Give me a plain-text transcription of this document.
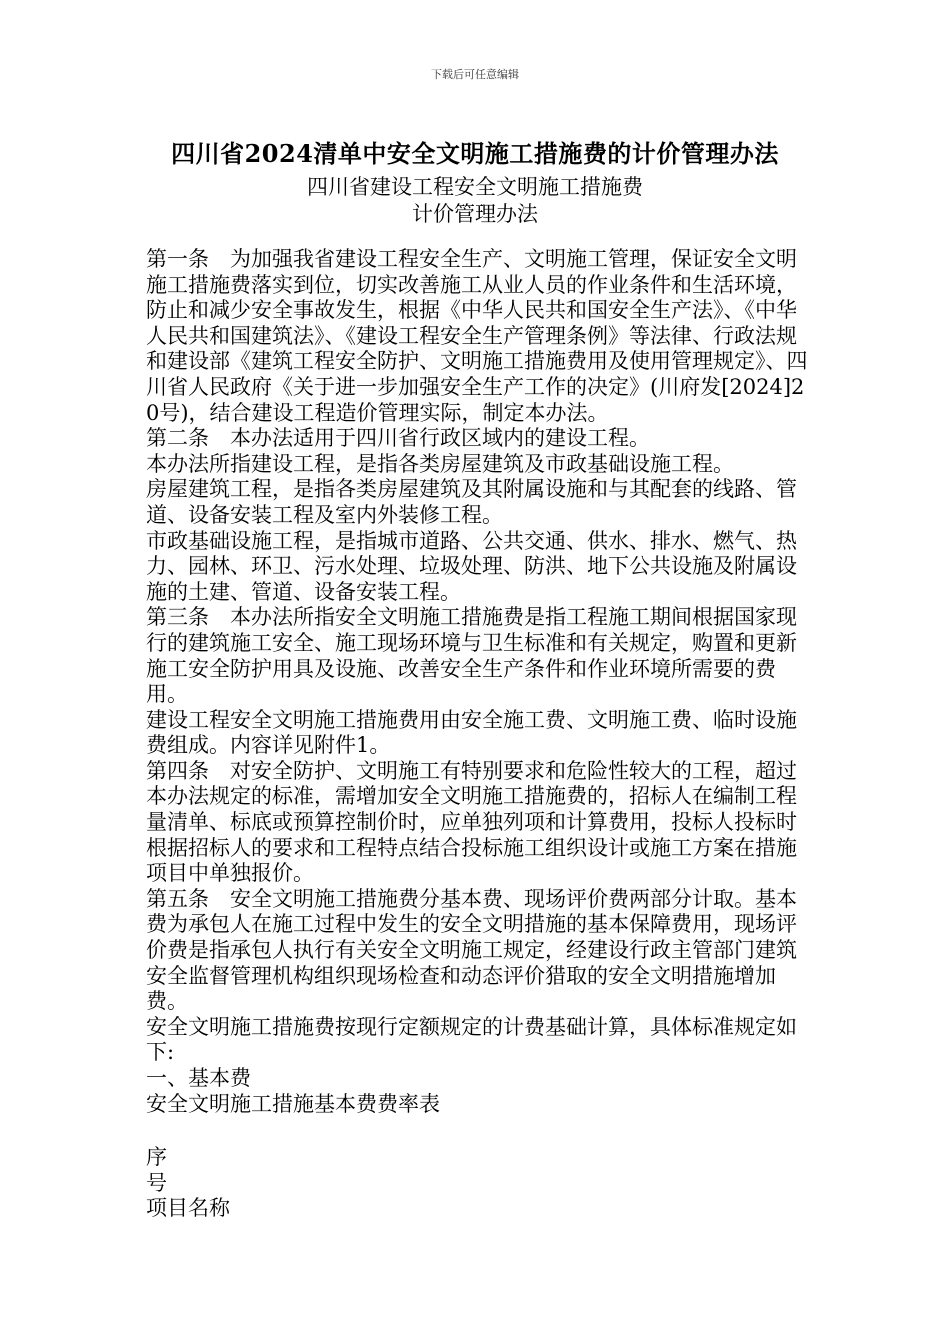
下载后可任意编辑
四川省2024清单中安全文明施工措施费的计价管理办法
四川省建设工程安全文明施工措施费
计价管理办法

第一条　为加强我省建设工程安全生产、文明施工管理，保证安全文明施工措施费落实到位，切实改善施工从业人员的作业条件和生活环境，防止和减少安全事故发生，根据《中华人民共和国安全生产法》、《中华人民共和国建筑法》、《建设工程安全生产管理条例》等法律、行政法规和建设部《建筑工程安全防护、文明施工措施费用及使用管理规定》、四川省人民政府《关于进一步加强安全生产工作的决定》(川府发[2024]20号)，结合建设工程造价管理实际，制定本办法。

第二条　本办法适用于四川省行政区域内的建设工程。

本办法所指建设工程，是指各类房屋建筑及市政基础设施工程。

房屋建筑工程，是指各类房屋建筑及其附属设施和与其配套的线路、管道、设备安装工程及室内外装修工程。

市政基础设施工程，是指城市道路、公共交通、供水、排水、燃气、热力、园林、环卫、污水处理、垃圾处理、防洪、地下公共设施及附属设施的土建、管道、设备安装工程。

第三条　本办法所指安全文明施工措施费是指工程施工期间根据国家现行的建筑施工安全、施工现场环境与卫生标准和有关规定，购置和更新施工安全防护用具及设施、改善安全生产条件和作业环境所需要的费用。

建设工程安全文明施工措施费用由安全施工费、文明施工费、临时设施费组成。内容详见附件1。

第四条　对安全防护、文明施工有特别要求和危险性较大的工程，超过本办法规定的标准，需增加安全文明施工措施费的，招标人在编制工程量清单、标底或预算控制价时，应单独列项和计算费用，投标人投标时根据招标人的要求和工程特点结合投标施工组织设计或施工方案在措施项目中单独报价。

第五条　安全文明施工措施费分基本费、现场评价费两部分计取。基本费为承包人在施工过程中发生的安全文明措施的基本保障费用，现场评价费是指承包人执行有关安全文明施工规定，经建设行政主管部门建筑安全监督管理机构组织现场检查和动态评价猎取的安全文明措施增加费。

安全文明施工措施费按现行定额规定的计费基础计算，具体标准规定如下:

一、基本费

安全文明施工措施基本费费率表

序

号

项目名称
